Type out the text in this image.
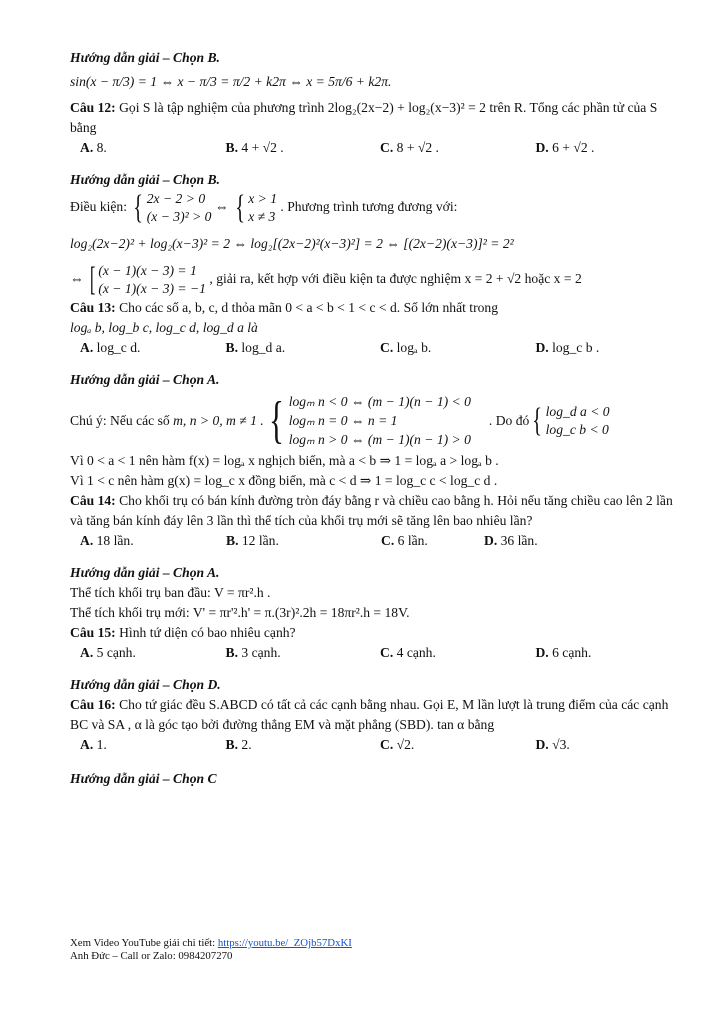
Hướng dẫn giải – Chọn B.

sin(x − π/3) = 1 ⇔ x − π/3 = π/2 + k2π ⇔ x = 5π/6 + k2π.

Câu 12: Gọi S là tập nghiệm của phương trình 2log₂(2x−2) + log₂(x−3)² = 2 trên R. Tổng các phần tử của S bằng

A. 8.	B. 4 + √2 .	C. 8 + √2 .	D. 6 + √2 .

Hướng dẫn giải – Chọn B.

Điều kiện: { 2x − 2 > 0
(x − 3)² > 0
⇔ { x > 1
x ≠ 3
. Phương trình tương đương với:

log₂(2x−2)² + log₂(x−3)² = 2 ⇔ log₂[(2x−2)²(x−3)²] = 2 ⇔ [(2x−2)(x−3)]² = 2²

⇔ [ (x − 1)(x − 3) = 1
(x − 1)(x − 3) = −1
, giải ra, kết hợp với điều kiện ta được nghiệm x = 2 + √2 hoặc x = 2

Câu 13: Cho các số a, b, c, d thỏa mãn 0 < a < b < 1 < c < d. Số lớn nhất trong
logₐ b, log_b c, log_c d, log_d a là

A. log_c d.	B. log_d a.	C. logₐ b.	D. log_c b .

Hướng dẫn giải – Chọn A.

Chú ý: Nếu các số
m, n > 0, m ≠ 1 . { logₘ n < 0 ⇔ (m − 1)(n − 1) < 0
logₘ n = 0 ⇔ n = 1
logₘ n > 0 ⇔ (m − 1)(n − 1) > 0
. Do đó { log_d a < 0
log_c b < 0

Vì 0 < a < 1 nên hàm f(x) = logₐ x nghịch biến, mà a < b ⇒ 1 = logₐ a > logₐ b .

Vì 1 < c nên hàm g(x) = log_c x đồng biến, mà c < d ⇒ 1 = log_c c < log_c d .

Câu 14: Cho khối trụ có bán kính đường tròn đáy bằng r và chiều cao bằng h. Hỏi nếu tăng chiều cao lên 2 lần và tăng bán kính đáy lên 3 lần thì thể tích của khối trụ mới sẽ tăng lên bao nhiêu lần?

A. 18 lần.	B. 12 lần.	C. 6 lần.	D. 36 lần.

Hướng dẫn giải – Chọn A.

Thể tích khối trụ ban đầu: V = πr².h .

Thể tích khối trụ mới: V' = πr'².h' = π.(3r)².2h = 18πr².h = 18V.

Câu 15: Hình tứ diện có bao nhiêu cạnh?

A. 5 cạnh.	B. 3 cạnh.	C. 4 cạnh.	D. 6 cạnh.

Hướng dẫn giải – Chọn D.

Câu 16: Cho tứ giác đều S.ABCD có tất cả các cạnh bằng nhau. Gọi E, M lần lượt là trung điểm của các cạnh BC và SA , α là góc tạo bởi đường thẳng EM và mặt phẳng (SBD). tan α bằng

A. 1.	B. 2.	C. √2.	D. √3.

Hướng dẫn giải – Chọn C

Xem Video YouTube giải chi tiết: https://youtu.be/_ZOjb57DxKI
Anh Đức – Call or Zalo: 0984207270
